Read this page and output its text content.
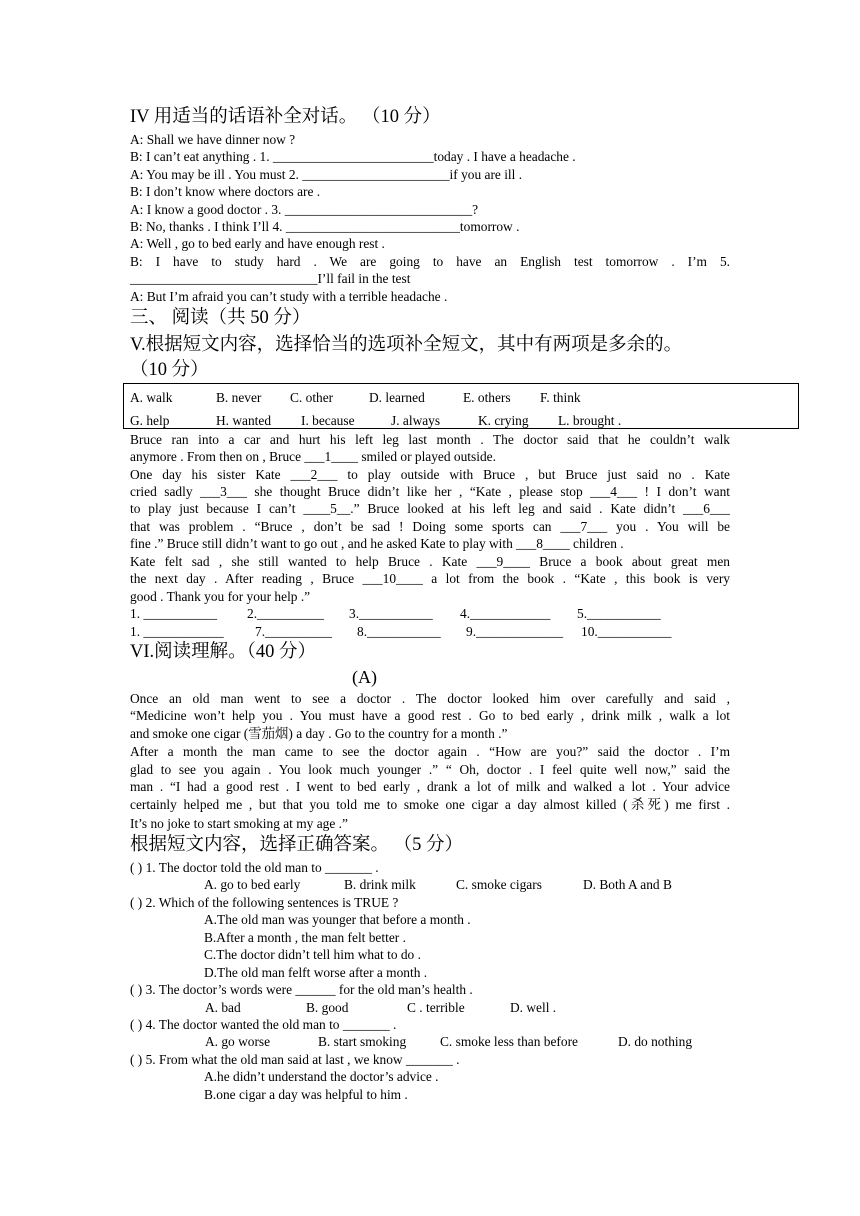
IV 用适当的话语补全对话。 （10 分）
A: Shall we have dinner now ?
B: I can’t eat anything . 1. ________________________today . I have a headache .
A: You may be ill . You must 2. ______________________if you are ill .
B: I don’t know where doctors are .
A: I know a good doctor . 3. ____________________________?
B: No, thanks . I think I’ll 4. __________________________tomorrow .
A: Well , go to bed early and have enough rest .
B: I have to study hard . We are going to have an English test tomorrow . I’m 5.
____________________________I’ll fail in the test
A: But I’m afraid you can’t study with a terrible headache .
三、 阅读（共 50 分）
V.根据短文内容，选择恰当的选项补全短文，其中有两项是多余的。
（10 分）
A. walk	B. never C. other	D. learned	E. others F. think
G. help	H. wanted I. because	J. always	K. crying L. brought .
Bruce ran into a car and hurt his left leg last month . The doctor said that he couldn’t walk
anymore . From then on , Bruce ___1____ smiled or played outside.
One day his sister Kate ___2___ to play outside with Bruce , but Bruce just said no . Kate
cried sadly ___3___ she thought Bruce didn’t like her , “Kate , please stop ___4___ ! I don’t want
to play just because I can’t ____5__.” Bruce looked at his left leg and said . Kate didn’t ___6___
that was problem . “Bruce , don’t be sad ! Doing some sports can ___7___ you . You will be
fine .” Bruce still didn’t want to go out , and he asked Kate to play with ___8____ children .
Kate felt sad , she still wanted to help Bruce . Kate ___9____ Bruce a book about great men
the next day . After reading , Bruce ___10____ a lot from the book . “Kate , this book is very
good . Thank you for your help .”
1. ___________ 2.__________ 3.___________ 4.____________ 5.___________
1. ____________ 7.__________ 8.___________ 9._____________ 10.___________
VI.阅读理解。（40 分）
(A)
Once an old man went to see a doctor . The doctor looked him over carefully and said ,
“Medicine won’t help you . You must have a good rest . Go to bed early , drink milk , walk a lot
and smoke one cigar (雪茄烟) a day . Go to the country for a month .”
After a month the man came to see the doctor again . “How are you?” said the doctor . I’m
glad to see you again . You look much younger .” “ Oh, doctor . I feel quite well now,” said the
man . “I had a good rest . I went to bed early , drank a lot of milk and walked a lot . Your advice
certainly helped me , but that you told me to smoke one cigar a day almost killed (杀死) me first .
It’s no joke to start smoking at my age .”
根据短文内容，选择正确答案。 （5 分）
( ) 1. The doctor told the old man to _______ .
A. go to bed early	B. drink milk	C. smoke cigars	D. Both A and B
( ) 2. Which of the following sentences is TRUE ?
A.The old man was younger that before a month .
B.After a month , the man felt better .
C.The doctor didn’t tell him what to do .
D.The old man felft worse after a month .
( ) 3. The doctor’s words were ______ for the old man’s health .
A. bad	B. good	C . terrible	D. well .
( ) 4. The doctor wanted the old man to _______ .
A. go worse	B. start smoking	C. smoke less than before	D. do nothing
( ) 5. From what the old man said at last , we know _______ .
A.he didn’t understand the doctor’s advice .
B.one cigar a day was helpful to him .
